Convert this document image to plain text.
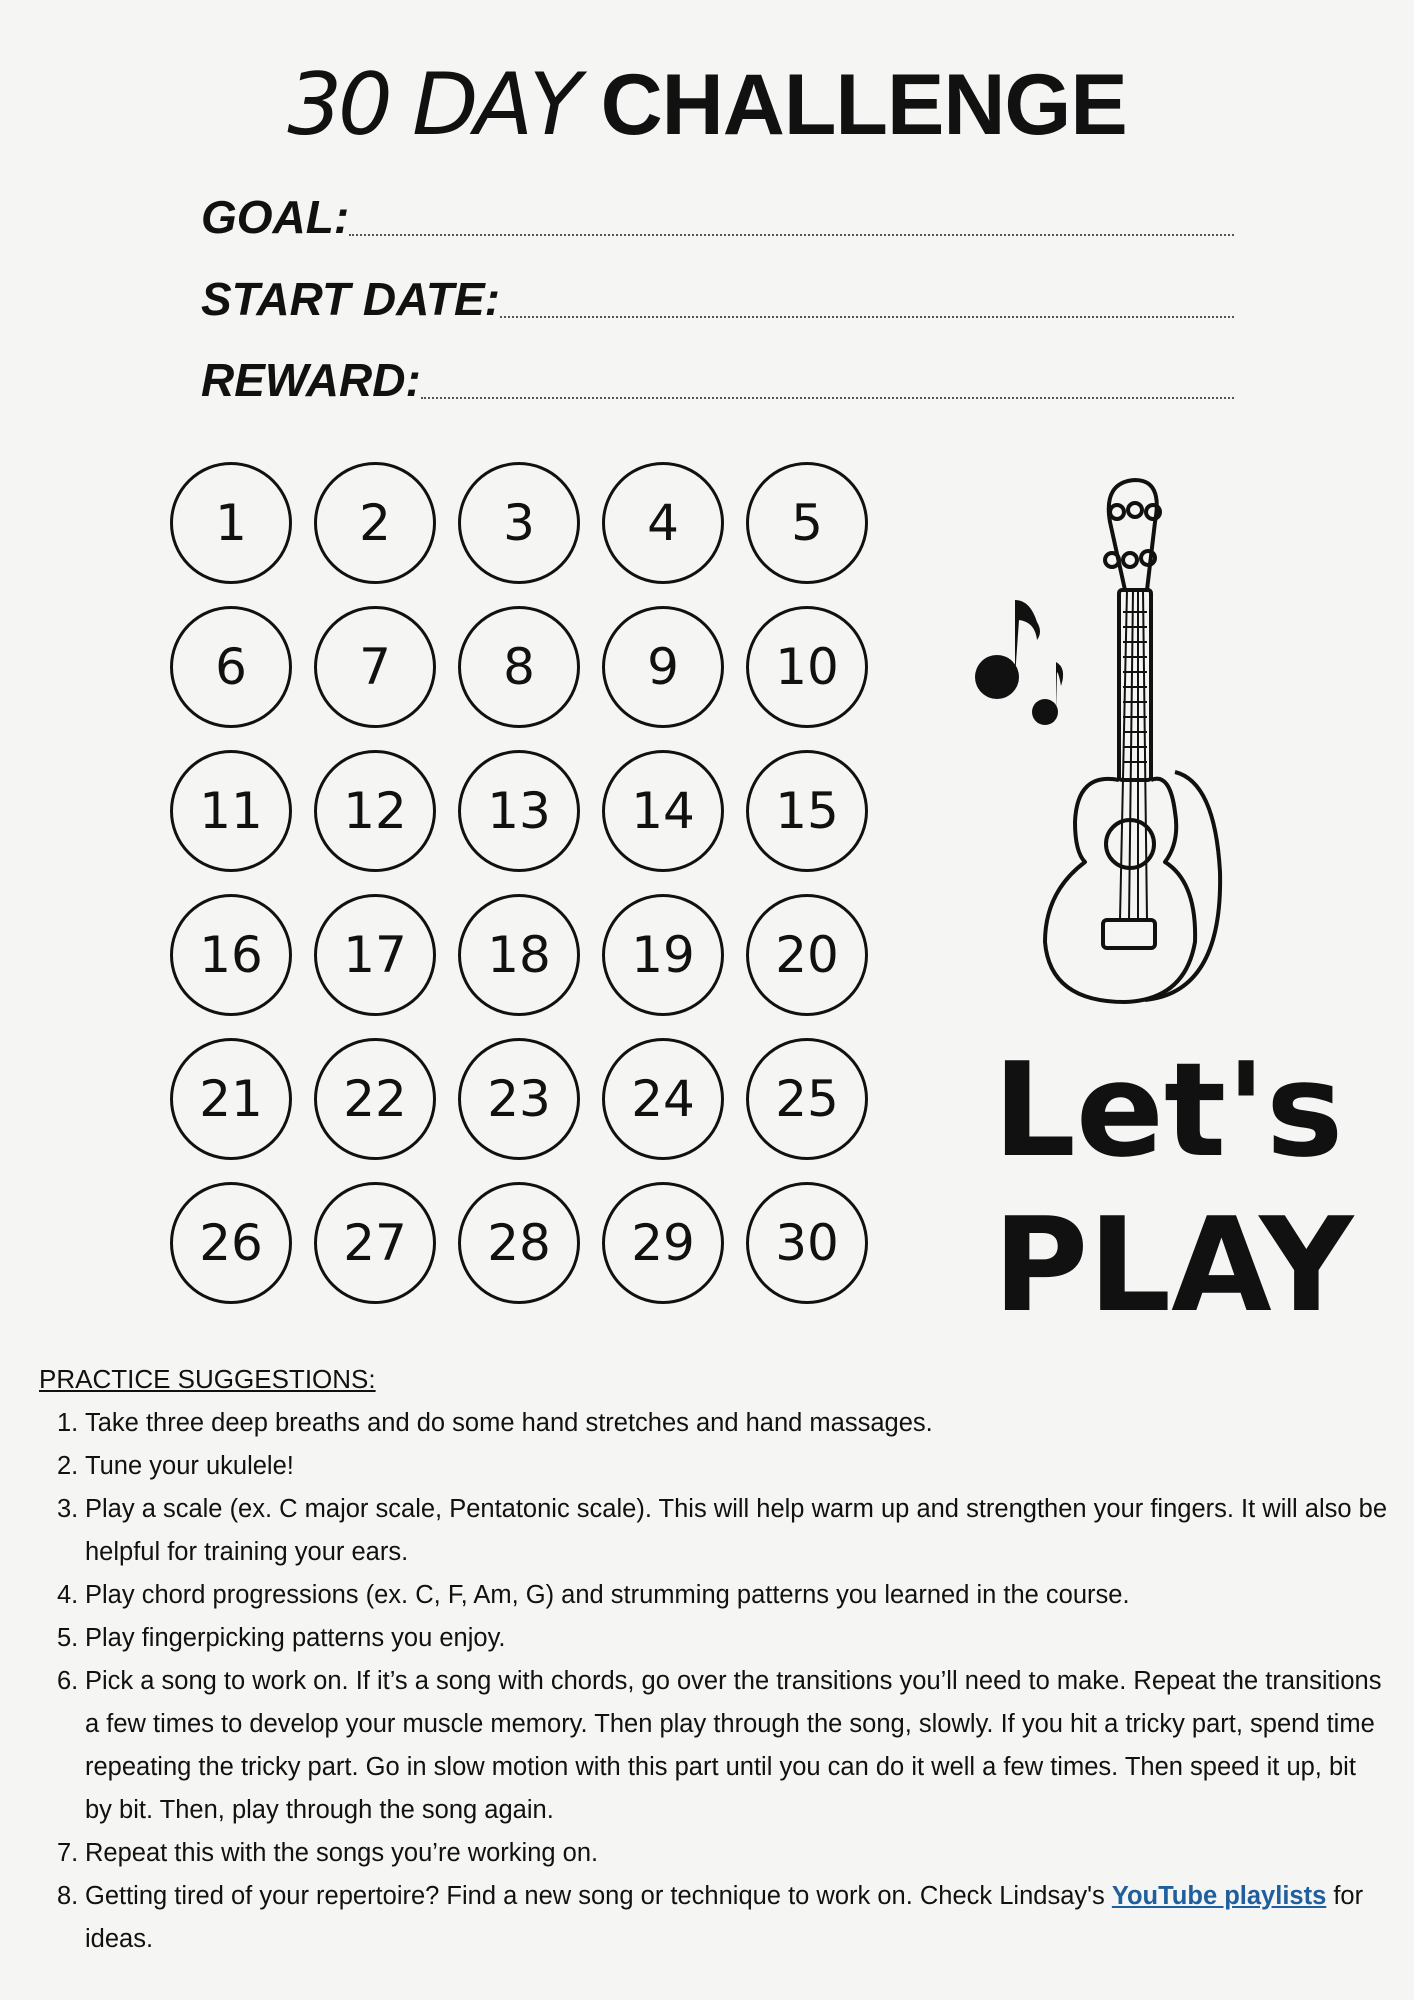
30 DAY CHALLENGE
GOAL:
START DATE:
REWARD:
1	2	3	4	5
6	7	8	9	10
11	12	13	14	15
16	17	18	19	20
21	22	23	24	25
26	27	28	29	30
Let's
PLAY
PRACTICE SUGGESTIONS:
1. Take three deep breaths and do some hand stretches and hand massages.
2. Tune your ukulele!
3. Play a scale (ex. C major scale, Pentatonic scale). This will help warm up and strengthen your fingers. It will also be helpful for training your ears.
4. Play chord progressions (ex. C, F, Am, G) and strumming patterns you learned in the course.
5. Play fingerpicking patterns you enjoy.
6. Pick a song to work on. If it’s a song with chords, go over the transitions you’ll need to make. Repeat the transitions a few times to develop your muscle memory. Then play through the song, slowly. If you hit a tricky part, spend time repeating the tricky part. Go in slow motion with this part until you can do it well a few times. Then speed it up, bit by bit. Then, play through the song again.
7. Repeat this with the songs you’re working on.
8. Getting tired of your repertoire? Find a new song or technique to work on. Check Lindsay's YouTube playlists for ideas.
